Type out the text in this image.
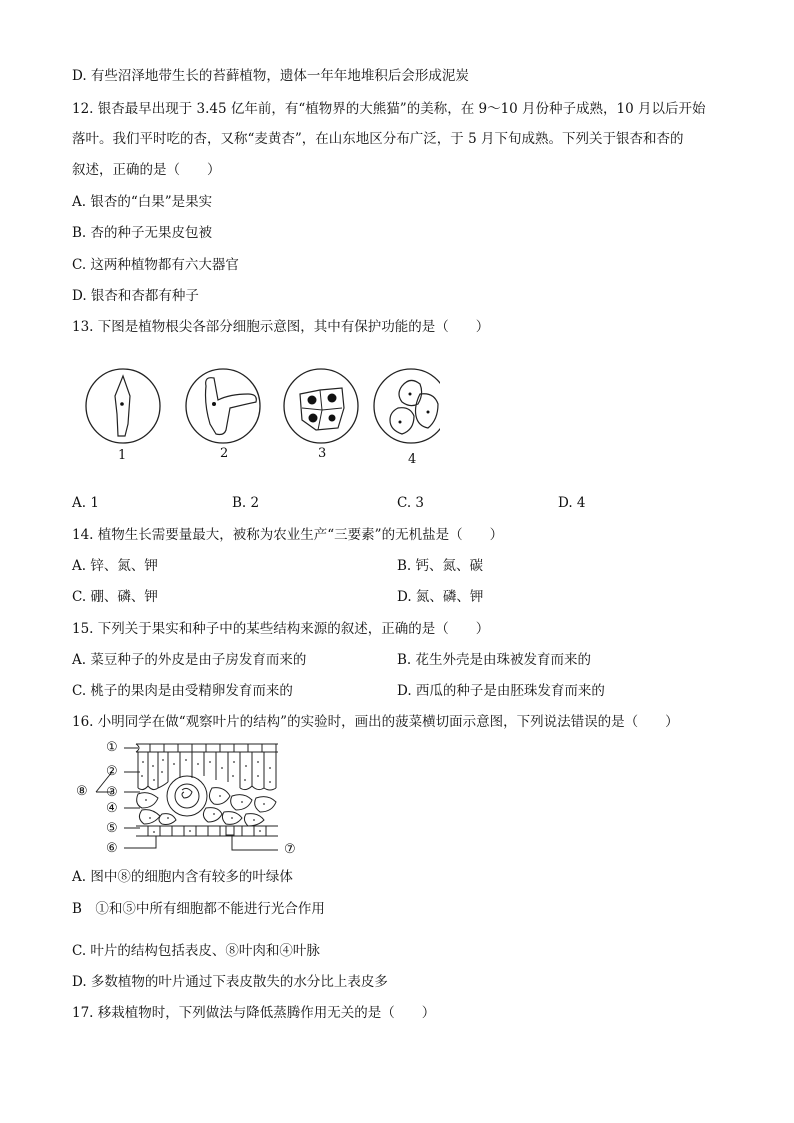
D. 有些沼泽地带生长的苔藓植物，遗体一年年地堆积后会形成泥炭
12. 银杏最早出现于 3.45 亿年前，有“植物界的大熊猫”的美称，在 9～10 月份种子成熟，10 月以后开始
落叶。我们平时吃的杏，又称“麦黄杏”，在山东地区分布广泛，于 5 月下旬成熟。下列关于银杏和杏的
叙述，正确的是（　　）
A. 银杏的“白果”是果实
B. 杏的种子无果皮包被
C. 这两种植物都有六大器官
D. 银杏和杏都有种子
13. 下图是植物根尖各部分细胞示意图，其中有保护功能的是（　　）
1	2	3	4
A. 1	B. 2	C. 3	D. 4
14. 植物生长需要量最大，被称为农业生产“三要素”的无机盐是（　　）
A. 锌、氮、钾	B. 钙、氮、碳
C. 硼、磷、钾	D. 氮、磷、钾
15. 下列关于果实和种子中的某些结构来源的叙述，正确的是（　　）
A. 菜豆种子的外皮是由子房发育而来的	B. 花生外壳是由珠被发育而来的
C. 桃子的果肉是由受精卵发育而来的	D. 西瓜的种子是由胚珠发育而来的
16. 小明同学在做“观察叶片的结构”的实验时，画出的菠菜横切面示意图，下列说法错误的是（　　）
①
②
③
④
⑤
⑥	⑦
⑧
A. 图中⑧的细胞内含有较多的叶绿体
B　①和⑤中所有细胞都不能进行光合作用
C. 叶片的结构包括表皮、⑧叶肉和④叶脉
D. 多数植物的叶片通过下表皮散失的水分比上表皮多
17. 移栽植物时，下列做法与降低蒸腾作用无关的是（　　）
